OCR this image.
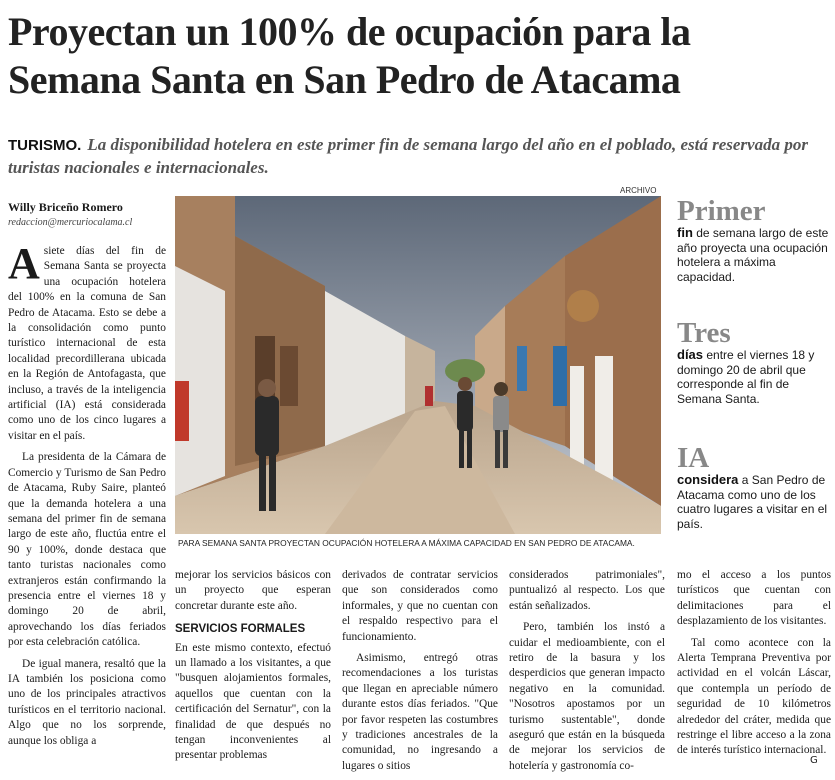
Proyectan un 100% de ocupación para la Semana Santa en San Pedro de Atacama

TURISMO. La disponibilidad hotelera en este primer fin de semana largo del año en el poblado, está reservada por turistas nacionales e internacionales.

Willy Briceño Romero
redaccion@mercuriocalama.cl
ARCHIVO
PARA SEMANA SANTA PROYECTAN OCUPACIÓN HOTELERA A MÁXIMA CAPACIDAD EN SAN PEDRO DE ATACAMA.

Asiete días del fin de Semana Santa se proyecta una ocupación hotelera del 100% en la comuna de San Pedro de Atacama. Esto se debe a la consolidación como punto turístico internacional de esta localidad precordillerana ubicada en la Región de Antofagasta, que incluso, a través de la inteligencia artificial (IA) está considerada como uno de los cinco lugares a visitar en el país.

La presidenta de la Cámara de Comercio y Turismo de San Pedro de Atacama, Ruby Saire, planteó que la demanda hotelera a una semana del primer fin de semana largo de este año, fluctúa entre el 90 y 100%, donde destaca que tanto turistas nacionales como extranjeros están confirmando la presencia entre el viernes 18 y domingo 20 de abril, aprovechando los días feriados por esta celebración católica.

De igual manera, resaltó que la IA también los posiciona como uno de los principales atractivos turísticos en el territorio nacional. Algo que no los sorprende, aunque los obliga a

mejorar los servicios básicos con un proyecto que esperan concretar durante este año.

SERVICIOS FORMALES

En este mismo contexto, efectuó un llamado a los visitantes, a que "busquen alojamientos formales, aquellos que cuentan con la certificación del Sernatur", con la finalidad de que después no tengan inconvenientes al presentar problemas

derivados de contratar servicios que son considerados como informales, y que no cuentan con el respaldo respectivo para el funcionamiento.

Asimismo, entregó otras recomendaciones a los turistas que llegan en apreciable número durante estos días feriados. "Que por favor respeten las costumbres y tradiciones ancestrales de la comunidad, no ingresando a lugares o sitios

considerados patrimoniales", puntualizó al respecto. Los que están señalizados.

Pero, también los instó a cuidar el medioambiente, con el retiro de la basura y los desperdicios que generan impacto negativo en la comunidad. "Nosotros apostamos por un turismo sustentable", donde aseguró que están en la búsqueda de mejorar los servicios de hotelería y gastronomía co-

mo el acceso a los puntos turísticos que cuentan con delimitaciones para el desplazamiento de los visitantes.

Tal como acontece con la Alerta Temprana Preventiva por actividad en el volcán Láscar, que contempla un período de seguridad de 10 kilómetros alrededor del cráter, medida que restringe el libre acceso a la zona de interés turístico internacional.

Primer
fin de semana largo de este año proyecta una ocupación hotelera a máxima capacidad.
Tres
días entre el viernes 18 y domingo 20 de abril que corresponde al fin de Semana Santa.
IA
considera a San Pedro de Atacama como uno de los cuatro lugares a visitar en el país.
G
